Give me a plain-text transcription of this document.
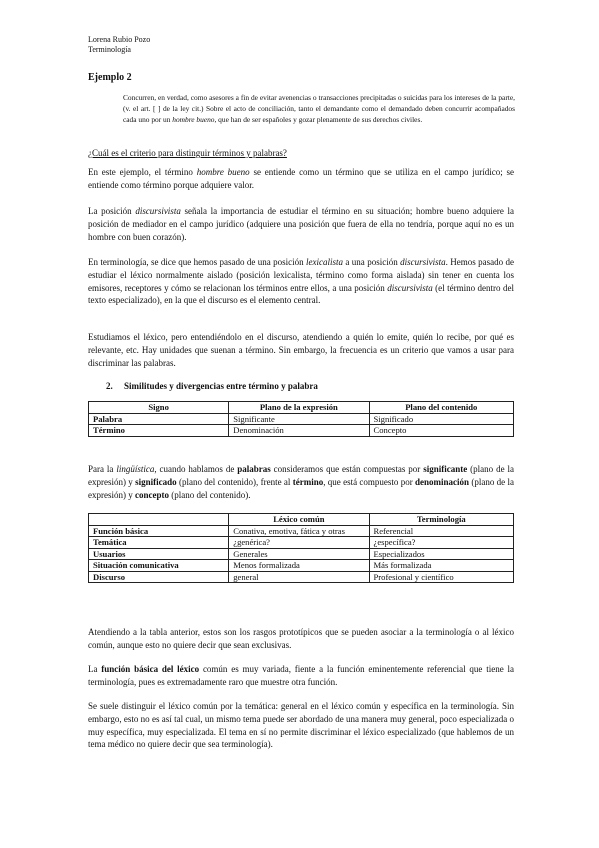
Lorena Rubio Pozo
Terminología
Ejemplo 2
Concurren, en verdad, como asesores a fin de evitar avenencias o transacciones precipitadas o suicidas para los intereses de la parte, (v. el art. [ ] de la ley cit.) Sobre el acto de conciliación, tanto el demandante como el demandado deben concurrir acompañados cada uno por un hombre bueno, que han de ser españoles y gozar plenamente de sus derechos civiles.
¿Cuál es el criterio para distinguir términos y palabras?

En este ejemplo, el término hombre bueno se entiende como un término que se utiliza en el campo jurídico; se entiende como término porque adquiere valor.

La posición discursivista señala la importancia de estudiar el término en su situación; hombre bueno adquiere la posición de mediador en el campo jurídico (adquiere una posición que fuera de ella no tendría, porque aquí no es un hombre con buen corazón).

En terminología, se dice que hemos pasado de una posición lexicalista a una posición discursivista. Hemos pasado de estudiar el léxico normalmente aislado (posición lexicalista, término como forma aislada) sin tener en cuenta los emisores, receptores y cómo se relacionan los términos entre ellos, a una posición discursivista (el término dentro del texto especializado), en la que el discurso es el elemento central.

Estudiamos el léxico, pero entendiéndolo en el discurso, atendiendo a quién lo emite, quién lo recibe, por qué es relevante, etc. Hay unidades que suenan a término. Sin embargo, la frecuencia es un criterio que vamos a usar para discriminar las palabras.

2. Similitudes y divergencias entre término y palabra
Signo	Plano de la expresión	Plano del contenido
Palabra	Significante	Significado
Término	Denominación	Concepto

Para la lingüística, cuando hablamos de palabras consideramos que están compuestas por significante (plano de la expresión) y significado (plano del contenido), frente al término, que está compuesto por denominación (plano de la expresión) y concepto (plano del contenido).

	Léxico común	Terminología
Función básica	Conativa, emotiva, fática y otras	Referencial
Temática	¿genérica?	¿específica?
Usuarios	Generales	Especializados
Situación comunicativa	Menos formalizada	Más formalizada
Discurso	general	Profesional y científico

Atendiendo a la tabla anterior, estos son los rasgos prototípicos que se pueden asociar a la terminología o al léxico común, aunque esto no quiere decir que sean exclusivas.

La función básica del léxico común es muy variada, fiente a la función eminentemente referencial que tiene la terminología, pues es extremadamente raro que muestre otra función.

Se suele distinguir el léxico común por la temática: general en el léxico común y específica en la terminología. Sin embargo, esto no es así tal cual, un mismo tema puede ser abordado de una manera muy general, poco especializada o muy específica, muy especializada. El tema en sí no permite discriminar el léxico especializado (que hablemos de un tema médico no quiere decir que sea terminología).
